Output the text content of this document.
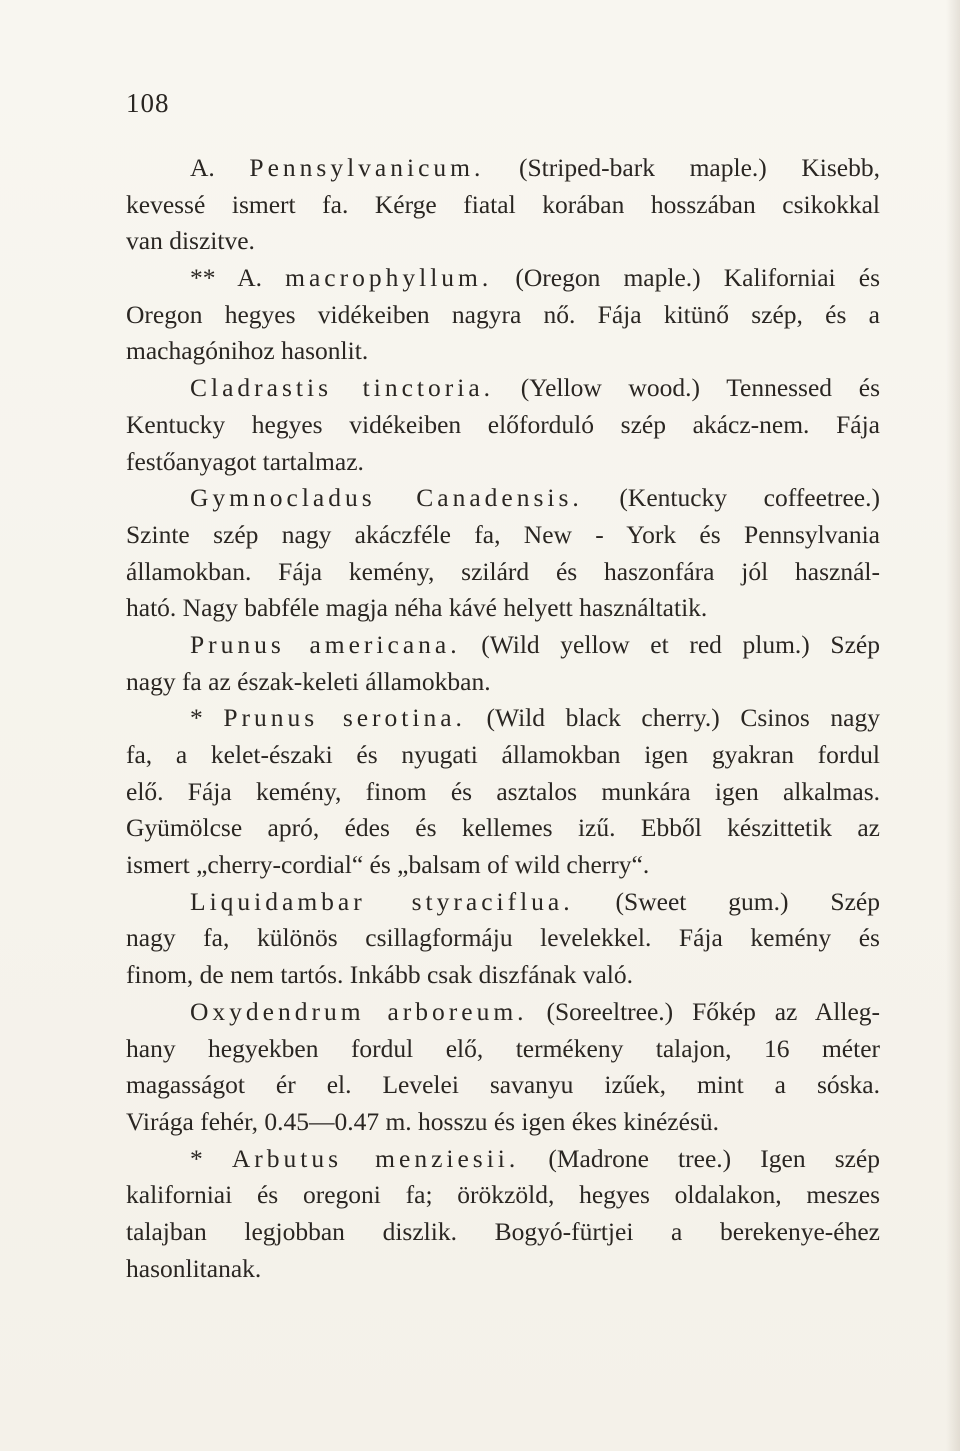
108
A. Pennsylvanicum. (Striped-bark maple.) Kisebb,
kevessé ismert fa. Kérge fiatal korában hosszában csikokkal
van diszitve.
** A. macrophyllum. (Oregon maple.) Kaliforniai és
Oregon hegyes vidékeiben nagyra nő. Fája kitünő szép, és a
machagónihoz hasonlit.
Cladrastis tinctoria. (Yellow wood.) Tennessed és
Kentucky hegyes vidékeiben előforduló szép akácz-nem. Fája
festőanyagot tartalmaz.
Gymnocladus Canadensis. (Kentucky coffeetree.)
Szinte szép nagy akáczféle fa, New - York és Pennsylvania
államokban. Fája kemény, szilárd és haszonfára jól használ-
ható. Nagy babféle magja néha kávé helyett használtatik.
Prunus americana. (Wild yellow et red plum.) Szép
nagy fa az észak-keleti államokban.
* Prunus serotina. (Wild black cherry.) Csinos nagy
fa, a kelet-északi és nyugati államokban igen gyakran fordul
elő. Fája kemény, finom és asztalos munkára igen alkalmas.
Gyümölcse apró, édes és kellemes izű. Ebből készittetik az
ismert „cherry-cordial“ és „balsam of wild cherry“.
Liquidambar styraciflua. (Sweet gum.) Szép
nagy fa, különös csillagformáju levelekkel. Fája kemény és
finom, de nem tartós. Inkább csak diszfának való.
Oxydendrum arboreum. (Soreeltree.) Főkép az Alleg-
hany hegyekben fordul elő, termékeny talajon, 16 méter
magasságot ér el. Levelei savanyu izűek, mint a sóska.
Virága fehér, 0.45—0.47 m. hosszu és igen ékes kinézésü.
* Arbutus menziesii. (Madrone tree.) Igen szép
kaliforniai és oregoni fa; örökzöld, hegyes oldalakon, meszes
talajban legjobban diszlik. Bogyó-fürtjei a berekenye-éhez
hasonlitanak.
